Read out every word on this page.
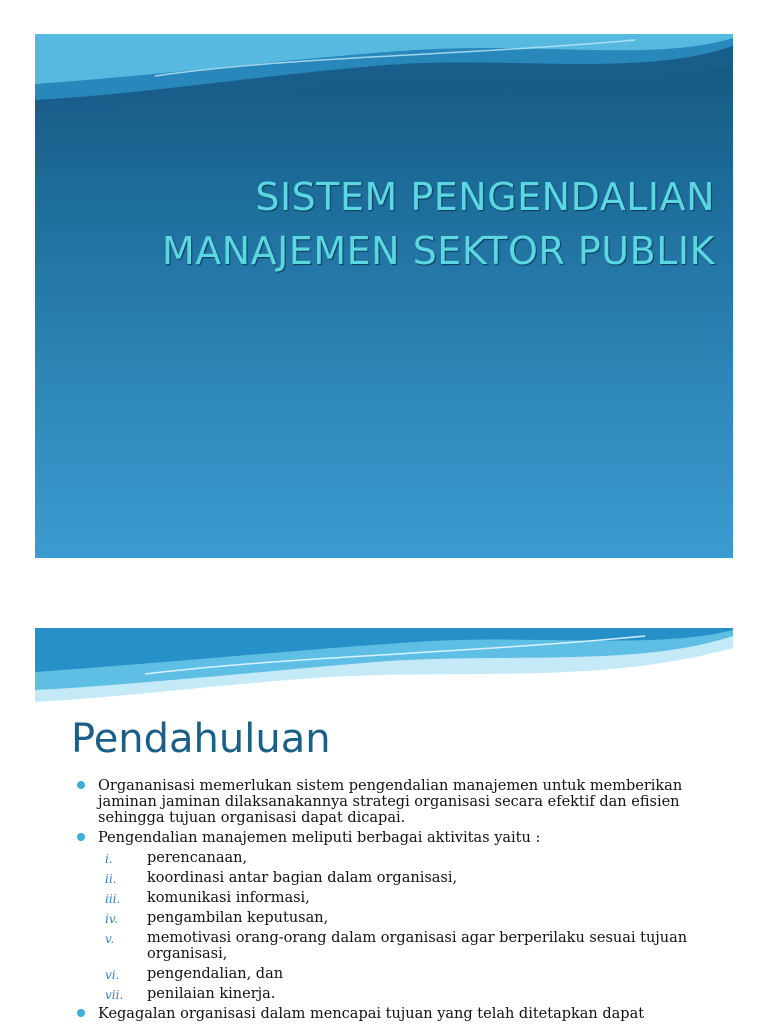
SISTEM PENGENDALIAN
MANAJEMEN SEKTOR PUBLIK
Pendahuluan
Organanisasi memerlukan sistem pengendalian manajemen untuk memberikan jaminan jaminan dilaksanakannya strategi organisasi secara efektif dan efisien sehingga tujuan organisasi dapat dicapai.
Pengendalian manajemen meliputi berbagai aktivitas yaitu :
i. perencanaan,
ii. koordinasi antar bagian dalam organisasi,
iii. komunikasi informasi,
iv. pengambilan keputusan,
v. memotivasi orang-orang dalam organisasi agar berperilaku sesuai tujuan organisasi,
vi. pengendalian, dan
vii. penilaian kinerja.
Kegagalan organisasi dalam mencapai tujuan yang telah ditetapkan dapat
